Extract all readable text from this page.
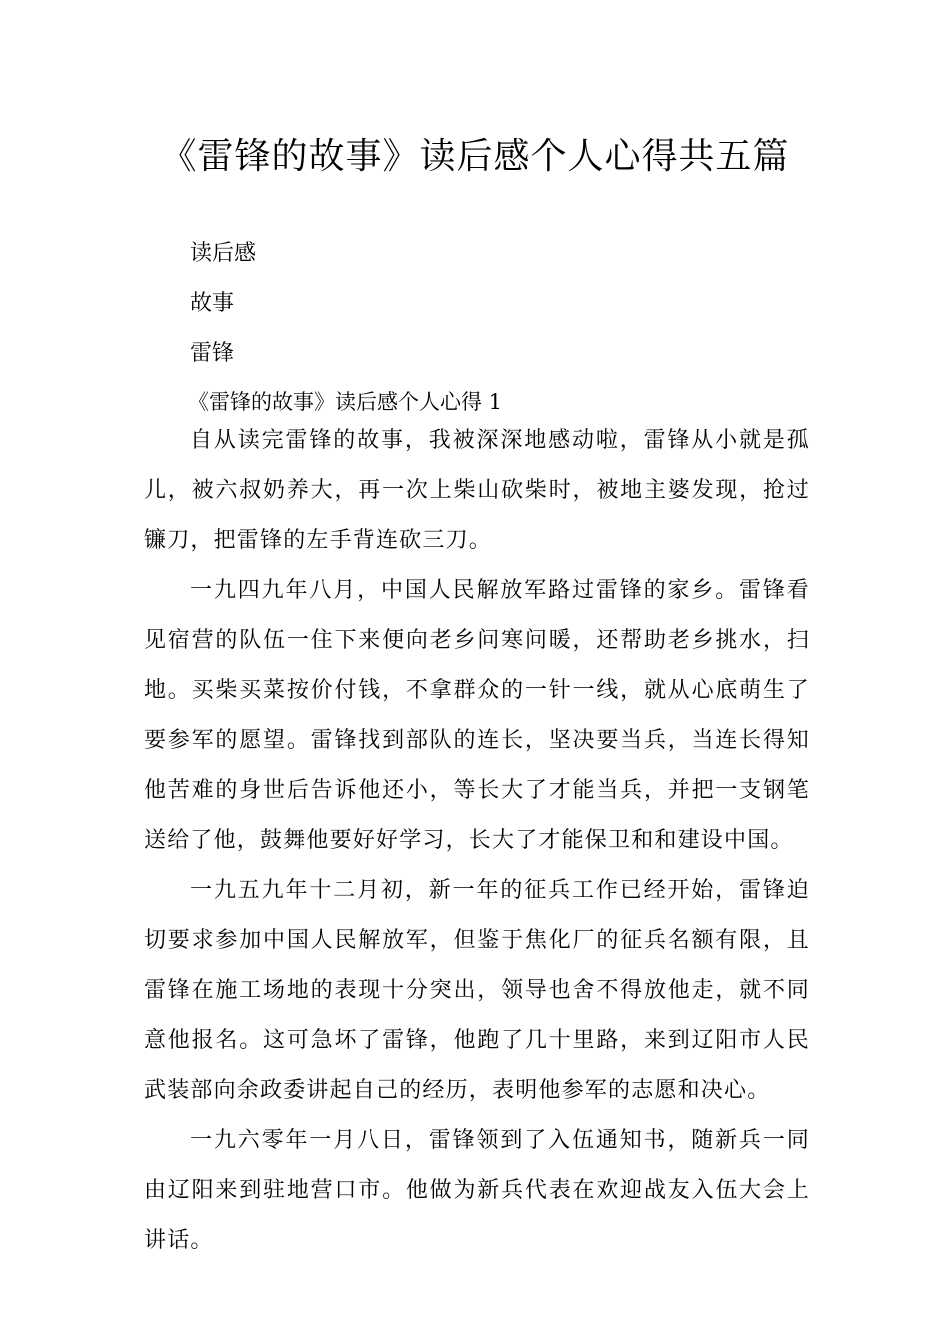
《雷锋的故事》读后感个人心得共五篇
读后感
故事
雷锋
《雷锋的故事》读后感个人心得 1

自从读完雷锋的故事，我被深深地感动啦，雷锋从小就是孤儿，被六叔奶养大，再一次上柴山砍柴时，被地主婆发现，抢过镰刀，把雷锋的左手背连砍三刀。

一九四九年八月，中国人民解放军路过雷锋的家乡。雷锋看见宿营的队伍一住下来便向老乡问寒问暖，还帮助老乡挑水，扫地。买柴买菜按价付钱，不拿群众的一针一线，就从心底萌生了要参军的愿望。雷锋找到部队的连长，坚决要当兵，当连长得知他苦难的身世后告诉他还小，等长大了才能当兵，并把一支钢笔送给了他，鼓舞他要好好学习，长大了才能保卫和和建设中国。

一九五九年十二月初，新一年的征兵工作已经开始，雷锋迫切要求参加中国人民解放军，但鉴于焦化厂的征兵名额有限，且雷锋在施工场地的表现十分突出，领导也舍不得放他走，就不同意他报名。这可急坏了雷锋，他跑了几十里路，来到辽阳市人民武装部向余政委讲起自己的经历，表明他参军的志愿和决心。

一九六零年一月八日，雷锋领到了入伍通知书，随新兵一同由辽阳来到驻地营口市。他做为新兵代表在欢迎战友入伍大会上讲话。
